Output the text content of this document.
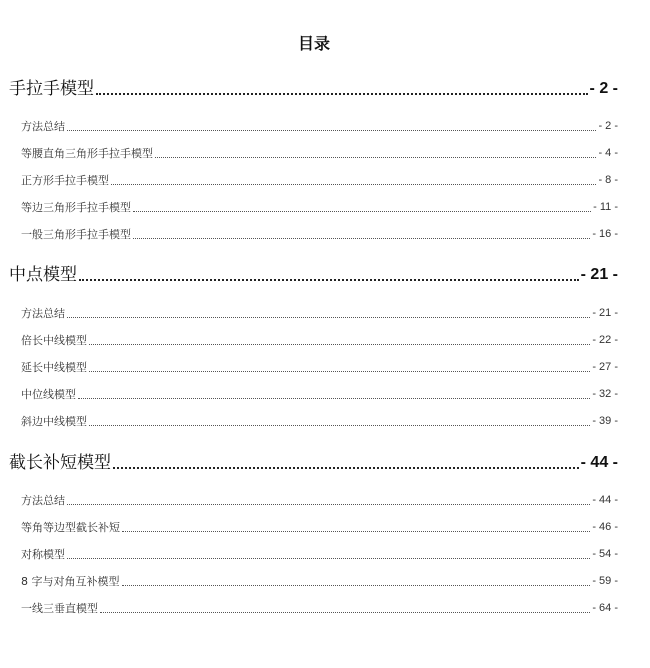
目录
手拉手模型	- 2 -
方法总结	- 2 -
等腰直角三角形手拉手模型	- 4 -
正方形手拉手模型	- 8 -
等边三角形手拉手模型	- 11 -
一般三角形手拉手模型	- 16 -
中点模型	- 21 -
方法总结	- 21 -
倍长中线模型	- 22 -
延长中线模型	- 27 -
中位线模型	- 32 -
斜边中线模型	- 39 -
截长补短模型	- 44 -
方法总结	- 44 -
等角等边型截长补短	- 46 -
对称模型	- 54 -
8 字与对角互补模型	- 59 -
一线三垂直模型	- 64 -
